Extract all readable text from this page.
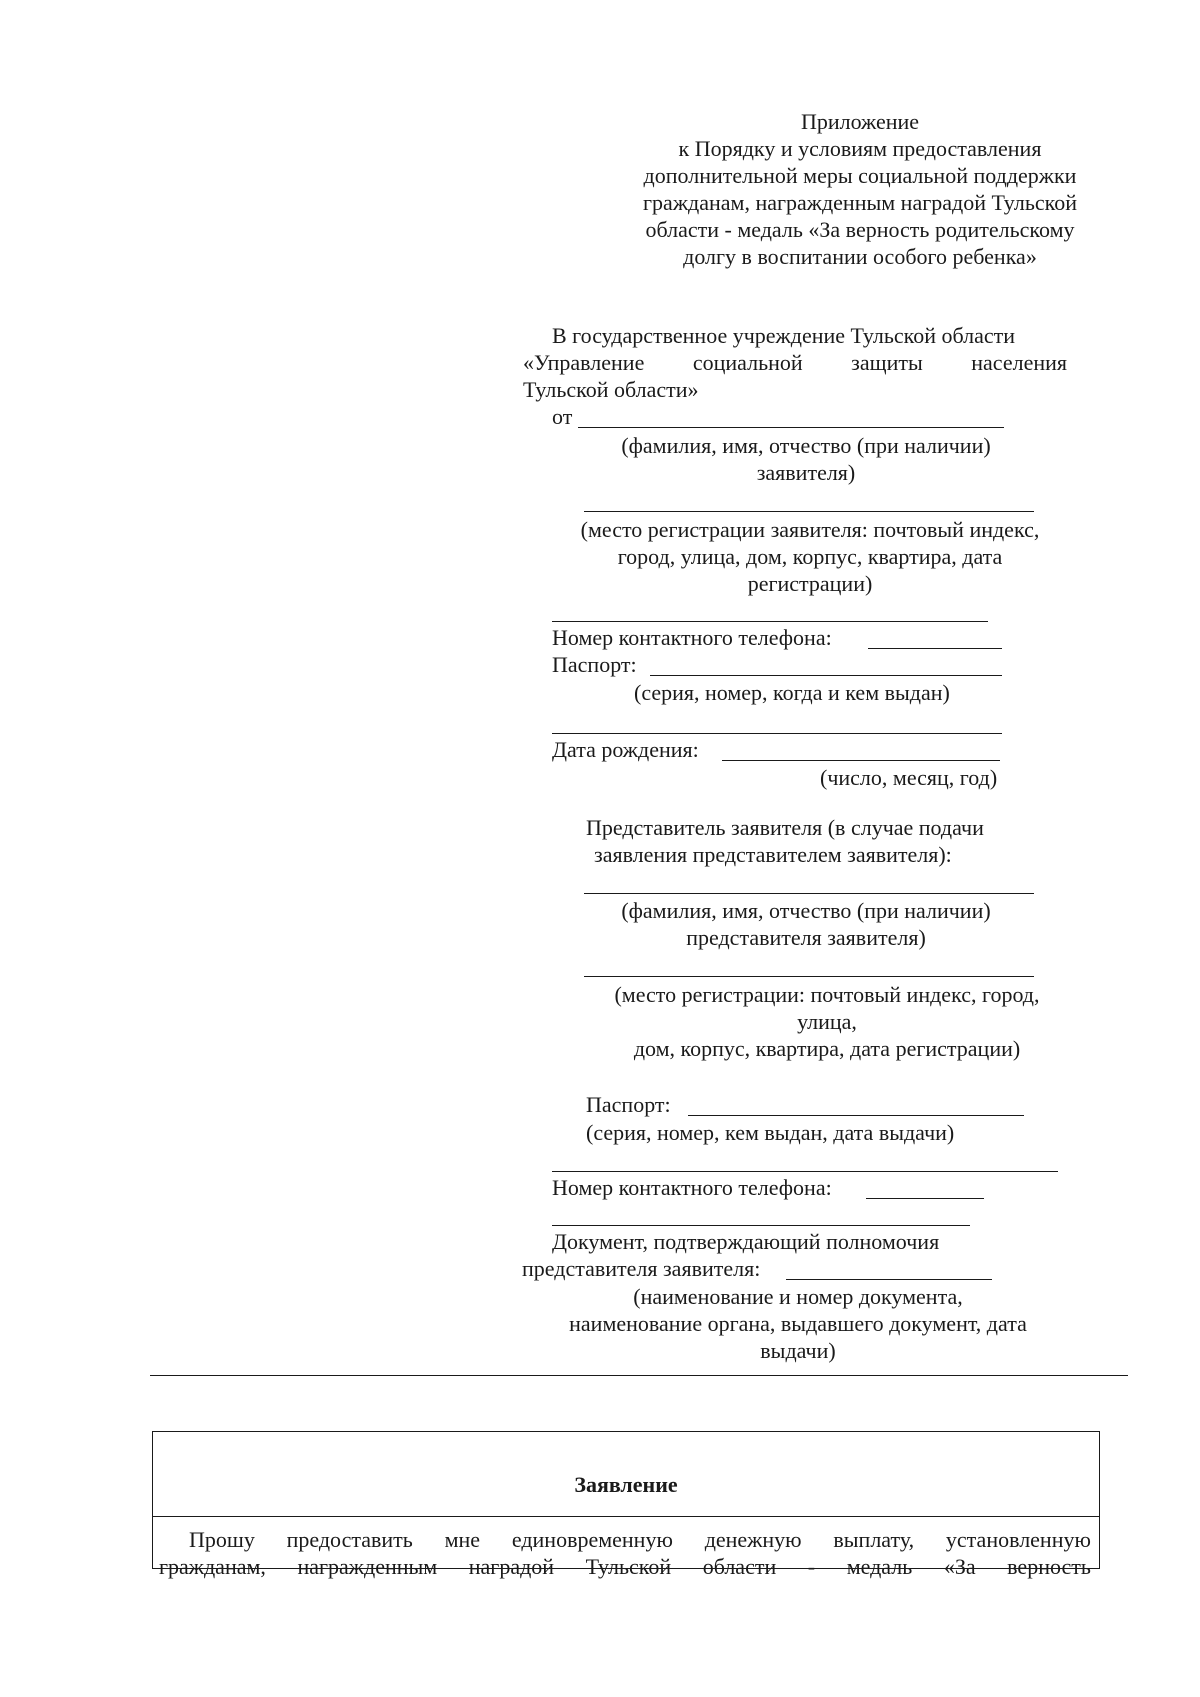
Приложение
к Порядку и условиям предоставления
дополнительной меры социальной поддержки
гражданам, награжденным наградой Тульской
области - медаль «За верность родительскому
долгу в воспитании особого ребенка»
В государственное учреждение Тульской области
«Управление социальной защиты населения
Тульской области»
от
(фамилия, имя, отчество (при наличии)
заявителя)
(место регистрации заявителя: почтовый индекс,
город, улица, дом, корпус, квартира, дата
регистрации)
Номер контактного телефона:
Паспорт:
(серия, номер, когда и кем выдан)
Дата рождения:
(число, месяц, год)
Представитель заявителя (в случае подачи
заявления представителем заявителя):
(фамилия, имя, отчество (при наличии)
представителя заявителя)
(место регистрации: почтовый индекс, город,
улица,
дом, корпус, квартира, дата регистрации)
Паспорт:
(серия, номер, кем выдан, дата выдачи)
Номер контактного телефона:
Документ, подтверждающий полномочия
представителя заявителя:
(наименование и номер документа,
наименование органа, выдавшего документ, дата
выдачи)
Заявление
Прошу предоставить мне единовременную денежную выплату, установленную
гражданам, награжденным наградой Тульской области - медаль «За верность
